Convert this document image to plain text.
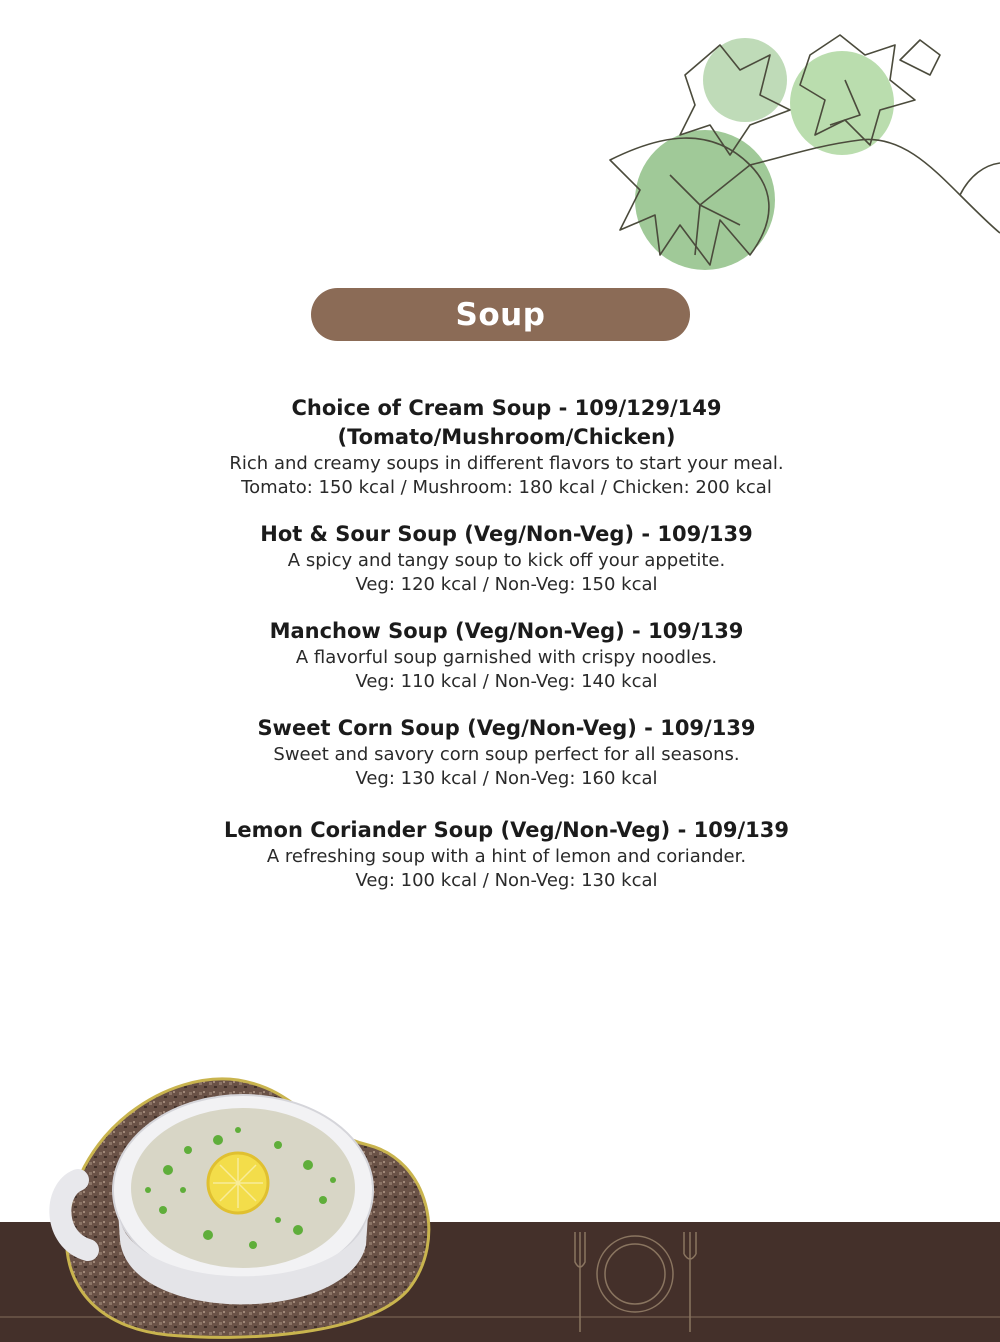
Soup
Choice of Cream Soup - 109/129/149
(Tomato/Mushroom/Chicken)
Rich and creamy soups in different flavors to start your meal.
Tomato: 150 kcal / Mushroom: 180 kcal / Chicken: 200 kcal
Hot & Sour Soup (Veg/Non-Veg) - 109/139
A spicy and tangy soup to kick off your appetite.
Veg: 120 kcal / Non-Veg: 150 kcal
Manchow Soup (Veg/Non-Veg) - 109/139
A flavorful soup garnished with crispy noodles.
Veg: 110 kcal / Non-Veg: 140 kcal
Sweet Corn Soup (Veg/Non-Veg) - 109/139
Sweet and savory corn soup perfect for all seasons.
Veg: 130 kcal / Non-Veg: 160 kcal
Lemon Coriander Soup (Veg/Non-Veg) - 109/139
A refreshing soup with a hint of lemon and coriander.
Veg: 100 kcal / Non-Veg: 130 kcal
